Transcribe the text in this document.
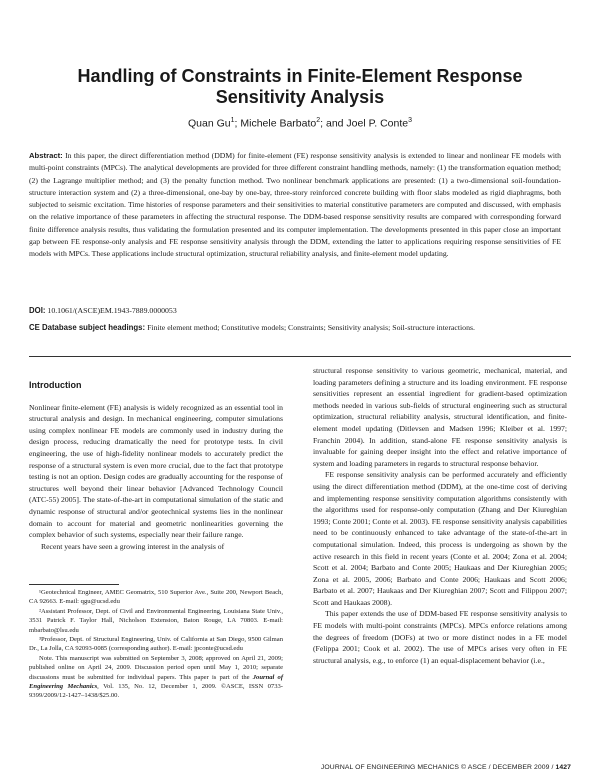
Handling of Constraints in Finite-Element Response Sensitivity Analysis
Quan Gu$^1$; Michele Barbato$^2$; and Joel P. Conte$^3$
Abstract: In this paper, the direct differentiation method (DDM) for finite-element (FE) response sensitivity analysis is extended to linear and nonlinear FE models with multi-point constraints (MPCs). The analytical developments are provided for three different constraint handling methods, namely: (1) the transformation equation method; (2) the Lagrange multiplier method; and (3) the penalty function method. Two nonlinear benchmark applications are presented: (1) a two-dimensional soil-foundation-structure interaction system and (2) a three-dimensional, one-bay by one-bay, three-story reinforced concrete building with floor slabs modeled as rigid diaphragms, both subjected to seismic excitation. Time histories of response parameters and their sensitivities to material constitutive parameters are computed and discussed, with emphasis on the relative importance of these parameters in affecting the structural response. The DDM-based response sensitivity results are compared with corresponding forward finite difference analysis results, thus validating the formulation presented and its computer implementation. The developments presented in this paper close an important gap between FE response-only analysis and FE response sensitivity analysis through the DDM, extending the latter to applications requiring response sensitivities of FE models with MPCs. These applications include structural optimization, structural reliability analysis, and finite-element model updating.
DOI: 10.1061/(ASCE)EM.1943-7889.0000053
CE Database subject headings: Finite element method; Constitutive models; Constraints; Sensitivity analysis; Soil-structure interactions.
Introduction

Nonlinear finite-element (FE) analysis is widely recognized as an essential tool in structural analysis and design. In mechanical engineering, computer simulations using complex nonlinear FE models are commonly used in industry during the design process, reducing dramatically the need for prototype tests. In civil engineering, the use of high-fidelity nonlinear models to accurately predict the response of a structural system is even more crucial, due to the fact that prototype testing is not an option. Design codes are gradually accounting for the response of structures well beyond their linear behavior [Advanced Technology Council (ATC-55) 2005]. The state-of-the-art in computational simulation of the static and dynamic response of structural and/or geotechnical systems lies in the nonlinear domain to account for material and geometric nonlinearities governing the complex behavior of such systems, especially near their failure range.

Recent years have seen a growing interest in the analysis of

¹Geotechnical Engineer, AMEC Geomatrix, 510 Superior Ave., Suite 200, Newport Beach, CA 92663. E-mail: qgu@ucsd.edu

²Assistant Professor, Dept. of Civil and Environmental Engineering, Louisiana State Univ., 3531 Patrick F. Taylor Hall, Nicholson Extension, Baton Rouge, LA 70803. E-mail: mbarbato@lsu.edu

³Professor, Dept. of Structural Engineering, Univ. of California at San Diego, 9500 Gilman Dr., La Jolla, CA 92093-0085 (corresponding author). E-mail: jpconte@ucsd.edu

Note. This manuscript was submitted on September 3, 2008; approved on April 21, 2009; published online on April 24, 2009. Discussion period open until May 1, 2010; separate discussions must be submitted for individual papers. This paper is part of the Journal of Engineering Mechanics, Vol. 135, No. 12, December 1, 2009. ©ASCE, ISSN 0733-9399/2009/12-1427–1438/$25.00.

structural response sensitivity to various geometric, mechanical, material, and loading parameters defining a structure and its loading environment. FE response sensitivities represent an essential ingredient for gradient-based optimization methods needed in various sub-fields of structural engineering such as structural optimization, structural reliability analysis, structural identification, and finite-element model updating (Ditlevsen and Madsen 1996; Kleiber et al. 1997; Franchin 2004). In addition, stand-alone FE response sensitivity analysis is invaluable for gaining deeper insight into the effect and relative importance of system and loading parameters in regards to structural response behavior.

FE response sensitivity analysis can be performed accurately and efficiently using the direct differentiation method (DDM), at the one-time cost of deriving and implementing response sensitivity computation algorithms consistently with the algorithms used for response-only computation (Zhang and Der Kiureghian 1993; Conte 2001; Conte et al. 2003). FE response sensitivity analysis capabilities need to be continuously enhanced to take advantage of the state-of-the-art in computational simulation. Indeed, this process is undergoing as shown by the active research in this field in recent years (Conte et al. 2004; Zona et al. 2004; Scott et al. 2004; Barbato and Conte 2005; Haukaas and Der Kiureghian 2005; Zona et al. 2005, 2006; Barbato and Conte 2006; Haukaas and Scott 2006; Barbato et al. 2007; Haukaas and Der Kiureghian 2007; Scott and Filippou 2007; Scott and Haukaas 2008).

This paper extends the use of DDM-based FE response sensitivity analysis to FE models with multi-point constraints (MPCs). MPCs enforce relations among the degrees of freedom (DOFs) at two or more distinct nodes in a FE model (Felippa 2001; Cook et al. 2002). The use of MPCs arises very often in FE structural analysis, e.g., to enforce (1) an equal-displacement behavior (i.e.,

JOURNAL OF ENGINEERING MECHANICS © ASCE / DECEMBER 2009 / 1427
